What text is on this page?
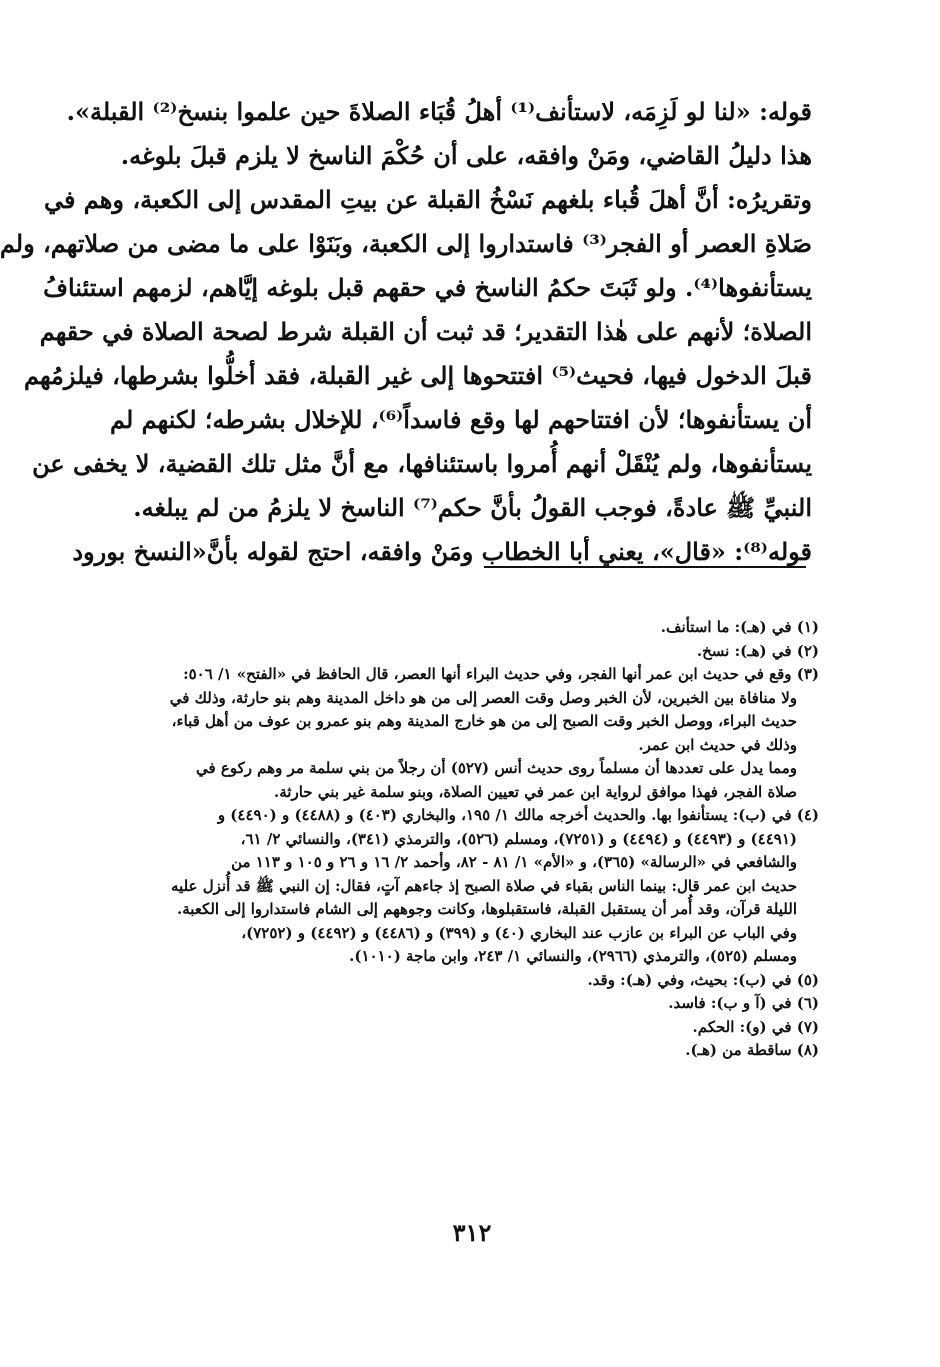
قوله: «لنا لو لَزِمَه، لاستأنف⁽¹⁾ أهلُ قُبَاء الصلاةَ حين علموا بنسخ⁽²⁾ القبلة».
هذا دليلُ القاضي، ومَنْ وافقه، على أن حُكْمَ الناسخ لا يلزم قبلَ بلوغه.
وتقريرُه: أنَّ أهلَ قُباء بلغهم نَسْخُ القبلة عن بيتِ المقدس إلى الكعبة، وهم في
صَلاةِ العصر أو الفجر⁽³⁾ فاستداروا إلى الكعبة، وبَنَوْا على ما مضى من صلاتهم، ولم
يستأنفوها⁽⁴⁾. ولو ثَبَتَ حكمُ الناسخ في حقهم قبل بلوغه إيَّاهم، لزمهم استئنافُ
الصلاة؛ لأنهم على هٰذا التقدير؛ قد ثبت أن القبلة شرط لصحة الصلاة في حقهم
قبلَ الدخول فيها، فحيث⁽⁵⁾ افتتحوها إلى غير القبلة، فقد أخلُّوا بشرطها، فيلزمُهم
أن يستأنفوها؛ لأن افتتاحهم لها وقع فاسداً⁽⁶⁾، للإخلال بشرطه؛ لكنهم لم
يستأنفوها، ولم يُنْقَلْ أنهم أُمروا باستئنافها، مع أنَّ مثل تلك القضية، لا يخفى عن
النبيِّ ﷺ عادةً، فوجب القولُ بأنَّ حكم⁽⁷⁾ الناسخ لا يلزمُ من لم يبلغه.
قوله⁽⁸⁾: «قال»، يعني أبا الخطاب ومَنْ وافقه، احتج لقوله بأنَّ«النسخ بورود
(١) في (هـ): ما استأنف.
(٢) في (هـ): نسخ.
(٣) وقع في حديث ابن عمر أنها الفجر، وفي حديث البراء أنها العصر، قال الحافظ في «الفتح» ١/ ٥٠٦:
ولا منافاة بين الخبرين، لأن الخبر وصل وقت العصر إلى من هو داخل المدينة وهم بنو حارثة، وذلك في
حديث البراء، ووصل الخبر وقت الصبح إلى من هو خارج المدينة وهم بنو عمرو بن عوف من أهل قباء،
وذلك في حديث ابن عمر.
ومما يدل على تعددها أن مسلماً روى حديث أنس (٥٢٧) أن رجلاً من بني سلمة مر وهم ركوع في
صلاة الفجر، فهذا موافق لرواية ابن عمر في تعيين الصلاة، وبنو سلمة غير بني حارثة.
(٤) في (ب): يستأنفوا بها. والحديث أخرجه مالك ١/ ١٩٥، والبخاري (٤٠٣) و (٤٤٨٨) و (٤٤٩٠) و
(٤٤٩١) و (٤٤٩٣) و (٤٤٩٤) و (٧٢٥١)، ومسلم (٥٢٦)، والترمذي (٣٤١)، والنسائي ٢/ ٦١،
والشافعي في «الرسالة» (٣٦٥)، و «الأم» ١/ ٨١ - ٨٢، وأحمد ٢/ ١٦ و ٢٦ و ١٠٥ و ١١٣ من
حديث ابن عمر قال: بينما الناس بقباء في صلاة الصبح إذ جاءهم آتٍ، فقال: إن النبي ﷺ قد أُنزل عليه
الليلة قرآن، وقد أُمر أن يستقبل القبلة، فاستقبلوها، وكانت وجوههم إلى الشام فاستداروا إلى الكعبة.
وفي الباب عن البراء بن عازب عند البخاري (٤٠) و (٣٩٩) و (٤٤٨٦) و (٤٤٩٢) و (٧٢٥٢)،
ومسلم (٥٢٥)، والترمذي (٢٩٦٦)، والنسائي ١/ ٢٤٣، وابن ماجة (١٠١٠).
(٥) في (ب): بحيث، وفي (هـ): وقد.
(٦) في (آ و ب): فاسد.
(٧) في (و): الحكم.
(٨) ساقطة من (هـ).
٣١٢
